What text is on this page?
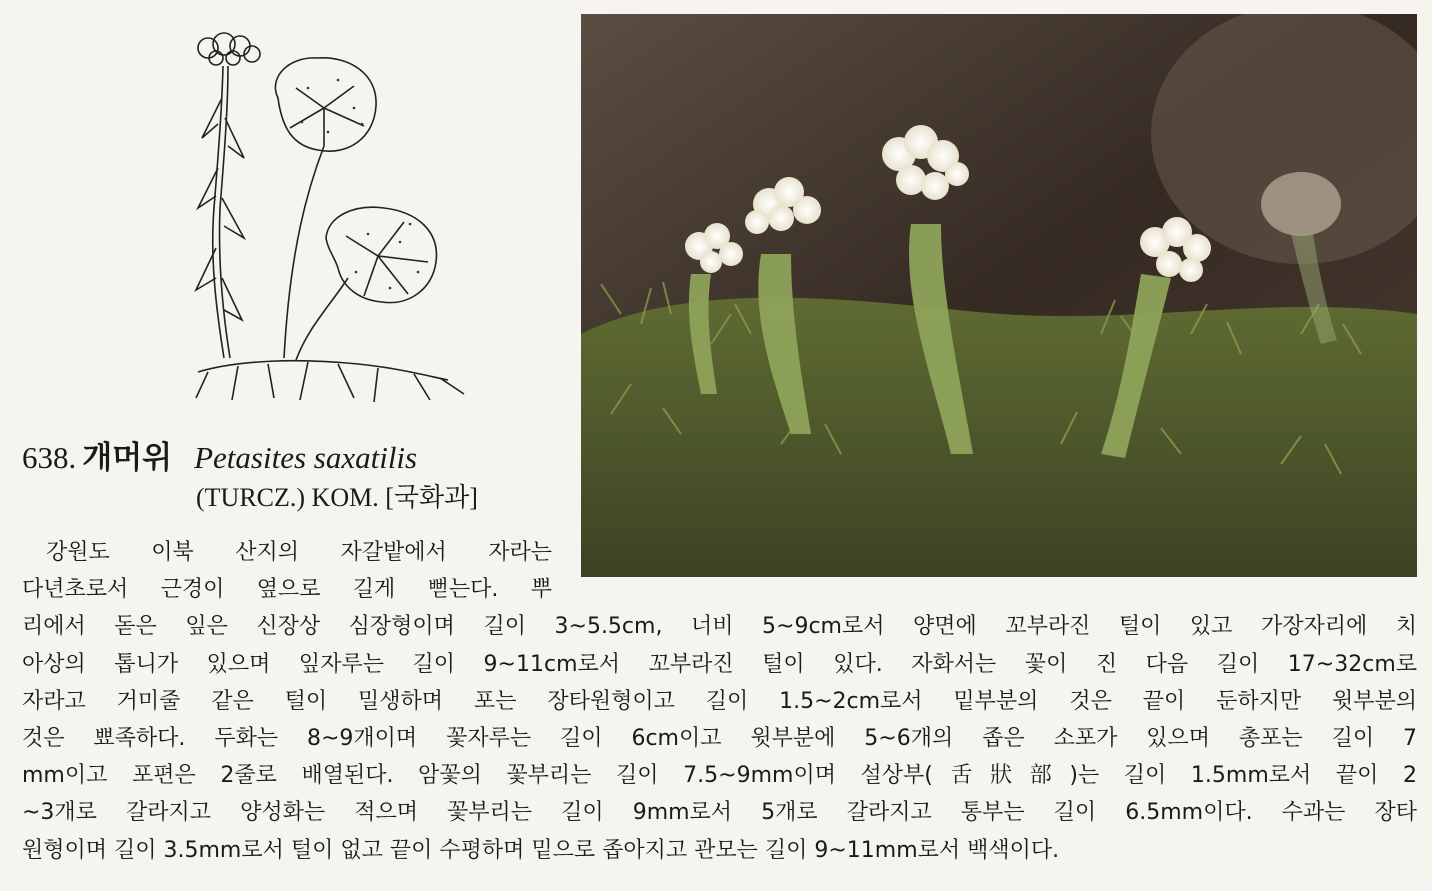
638. 개머위 Petasites saxatilis
(TURCZ.) KOM. [국화과]
강원도 이북 산지의 자갈밭에서 자라는
다년초로서 근경이 옆으로 길게 뻗는다. 뿌
리에서 돋은 잎은 신장상 심장형이며 길이 3~5.5cm, 너비 5~9cm로서 양면에 꼬부라진 털이 있고 가장자리에 치
아상의 톱니가 있으며 잎자루는 길이 9~11cm로서 꼬부라진 털이 있다. 자화서는 꽃이 진 다음 길이 17~32cm로
자라고 거미줄 같은 털이 밀생하며 포는 장타원형이고 길이 1.5~2cm로서 밑부분의 것은 끝이 둔하지만 윗부분의
것은 뾰족하다. 두화는 8~9개이며 꽃자루는 길이 6cm이고 윗부분에 5~6개의 좁은 소포가 있으며 총포는 길이 7
mm이고 포편은 2줄로 배열된다. 암꽃의 꽃부리는 길이 7.5~9mm이며 설상부(舌狀部)는 길이 1.5mm로서 끝이 2
~3개로 갈라지고 양성화는 적으며 꽃부리는 길이 9mm로서 5개로 갈라지고 통부는 길이 6.5mm이다. 수과는 장타
원형이며 길이 3.5mm로서 털이 없고 끝이 수평하며 밑으로 좁아지고 관모는 길이 9~11mm로서 백색이다.
